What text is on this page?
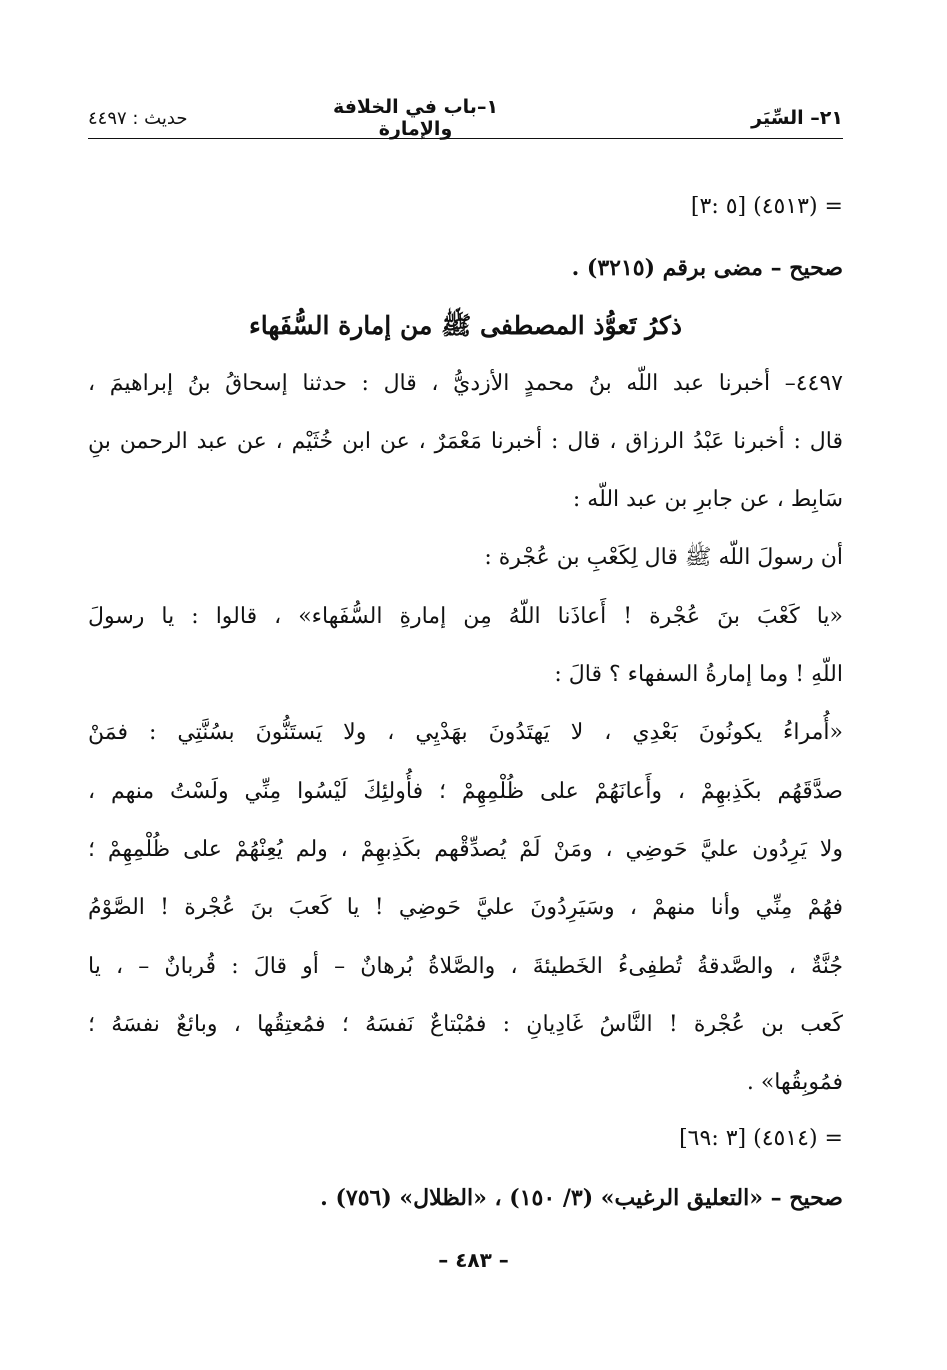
٢١– السِّيَر
١–باب في الخلافة والإمارة
حديث : ٤٤٩٧
= (٤٥١٣) [٥ :٣]
صحيح – مضى برقم (٣٢١٥) .
ذكرُ تَعوُّذ المصطفى ﷺ من إمارة السُّفَهاء
٤٤٩٧– أخبرنا عبد اللّه بنُ محمدٍ الأزديُّ ، قال : حدثنا إسحاقُ بنُ إبراهيمَ ،
قال : أخبرنا عَبْدُ الرزاق ، قال : أخبرنا مَعْمَرٌ ، عن ابن خُثَيْم ، عن عبد الرحمن بنِ
سَابِط ، عن جابرِ بن عبد اللّه :
أن رسولَ اللّه ﷺ قال لِكَعْبِ بن عُجْرة :
«يا كَعْبَ بنَ عُجْرة ! أَعاذَنا اللّهُ مِن إمارةِ السُّفَهاء» ، قالوا : يا رسولَ
اللّهِ ! وما إمارةُ السفهاء ؟ قالَ :
«أُمراءُ يكونُونَ بَعْدِي ، لا يَهتَدُونَ بهَدْيِي ، ولا يَستَنُّونَ بسُنَّتِي : فمَنْ
صدَّقَهُم بكَذِبهِمْ ، وأَعانَهُمْ على ظُلْمِهِمْ ؛ فأُولئِكَ لَيْسُوا مِنِّي ولَسْتُ منهم ،
ولا يَرِدُون عليَّ حَوضِي ، ومَنْ لَمْ يُصدِّقْهم بكَذِبهِمْ ، ولم يُعِنْهُمْ على ظُلْمِهِمْ ؛
فهُمْ مِنِّي وأنا منهمْ ، وسَيَرِدُونَ عليَّ حَوضِي ! يا كَعبَ بنَ عُجْرة ! الصَّوْمُ
جُنَّةٌ ، والصَّدقةُ تُطفِىءُ الخَطيئةَ ، والصَّلاةُ بُرهانٌ – أو قالَ : قُربانٌ – ، يا
كَعب بن عُجْرة ! النَّاسُ غَادِيانِ : فمُبْتاعٌ نَفسَهُ ؛ فمُعتِقُها ، وبائعٌ نفسَهُ ؛
فمُوبِقُها» .
= (٤٥١٤) [٣ :٦٩]
صحيح – «التعليق الرغيب» (٣/ ١٥٠) ، «الظلال» (٧٥٦) .
– ٤٨٣ –
